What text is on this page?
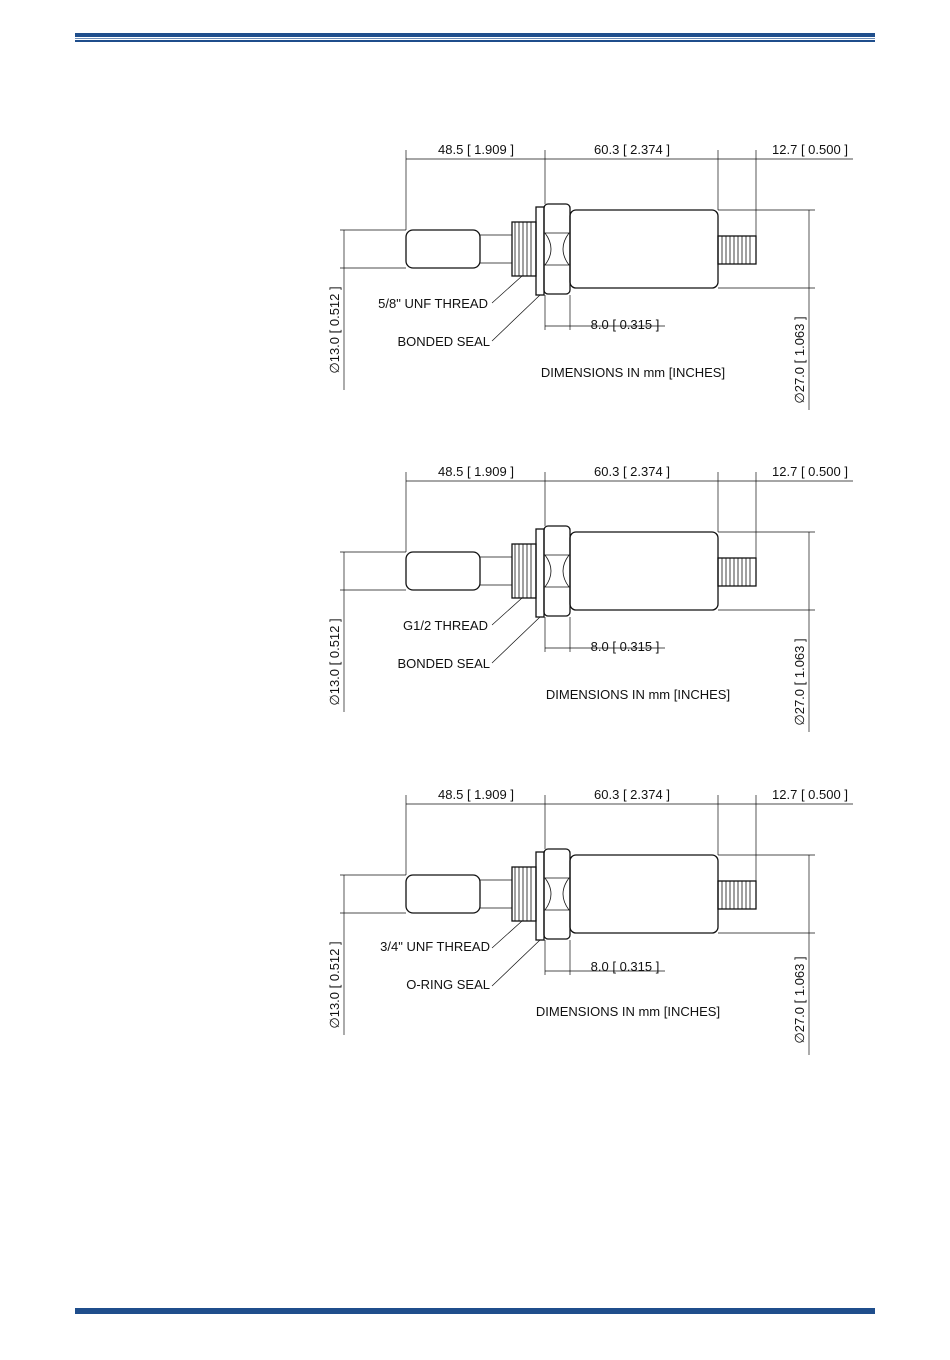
48.5 [ 1.909 ]	60.3 [ 2.374 ]	12.7 [ 0.500 ]
8.0 [ 0.315 ]
5/8" UNF THREAD
BONDED SEAL
DIMENSIONS IN mm [INCHES]
∅13.0 [ 0.512 ]	∅27.0 [ 1.063 ]
48.5 [ 1.909 ]	60.3 [ 2.374 ]	12.7 [ 0.500 ]
8.0 [ 0.315 ]
G1/2 THREAD
BONDED SEAL
DIMENSIONS IN mm [INCHES]
∅13.0 [ 0.512 ]	∅27.0 [ 1.063 ]
48.5 [ 1.909 ]	60.3 [ 2.374 ]	12.7 [ 0.500 ]
8.0 [ 0.315 ]
3/4" UNF THREAD
O-RING SEAL
DIMENSIONS IN mm [INCHES]
∅13.0 [ 0.512 ]	∅27.0 [ 1.063 ]
